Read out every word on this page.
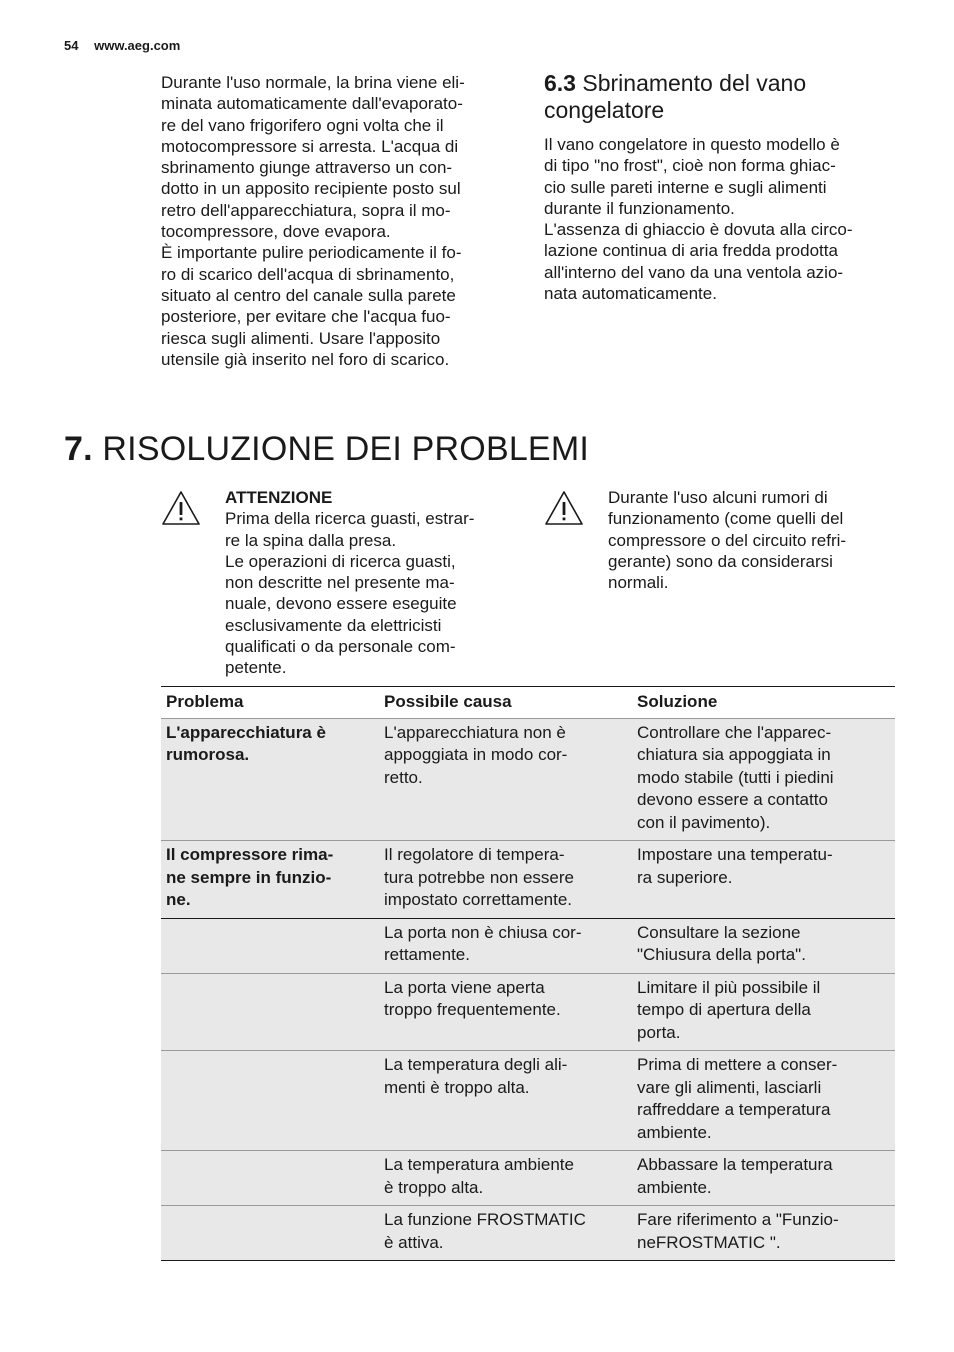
54 www.aeg.com
Durante l'uso normale, la brina viene eli-
minata automaticamente dall'evaporato-
re del vano frigorifero ogni volta che il
motocompressore si arresta. L'acqua di
sbrinamento giunge attraverso un con-
dotto in un apposito recipiente posto sul
retro dell'apparecchiatura, sopra il mo-
tocompressore, dove evapora.
È importante pulire periodicamente il fo-
ro di scarico dell'acqua di sbrinamento,
situato al centro del canale sulla parete
posteriore, per evitare che l'acqua fuo-
riesca sugli alimenti. Usare l'apposito
utensile già inserito nel foro di scarico.
6.3 Sbrinamento del vano
congelatore
Il vano congelatore in questo modello è
di tipo "no frost", cioè non forma ghiac-
cio sulle pareti interne e sugli alimenti
durante il funzionamento.
L'assenza di ghiaccio è dovuta alla circo-
lazione continua di aria fredda prodotta
all'interno del vano da una ventola azio-
nata automaticamente.
7. RISOLUZIONE DEI PROBLEMI
ATTENZIONE
Prima della ricerca guasti, estrar-
re la spina dalla presa.
Le operazioni di ricerca guasti,
non descritte nel presente ma-
nuale, devono essere eseguite
esclusivamente da elettricisti
qualificati o da personale com-
petente.
Durante l'uso alcuni rumori di
funzionamento (come quelli del
compressore o del circuito refri-
gerante) sono da considerarsi
normali.
Problema	Possibile causa	Soluzione

L'apparecchiatura è
rumorosa.	L'apparecchiatura non è
appoggiata in modo cor-
retto.	Controllare che l'apparec-
chiatura sia appoggiata in
modo stabile (tutti i piedini
devono essere a contatto
con il pavimento).

Il compressore rima-
ne sempre in funzio-
ne.	Il regolatore di tempera-
tura potrebbe non essere
impostato correttamente.	Impostare una temperatu-
ra superiore.

	La porta non è chiusa cor-
rettamente.	Consultare la sezione
"Chiusura della porta".

	La porta viene aperta
troppo frequentemente.	Limitare il più possibile il
tempo di apertura della
porta.

	La temperatura degli ali-
menti è troppo alta.	Prima di mettere a conser-
vare gli alimenti, lasciarli
raffreddare a temperatura
ambiente.

	La temperatura ambiente
è troppo alta.	Abbassare la temperatura
ambiente.

	La funzione FROSTMATIC
è attiva.	Fare riferimento a "Funzio-
neFROSTMATIC ".
